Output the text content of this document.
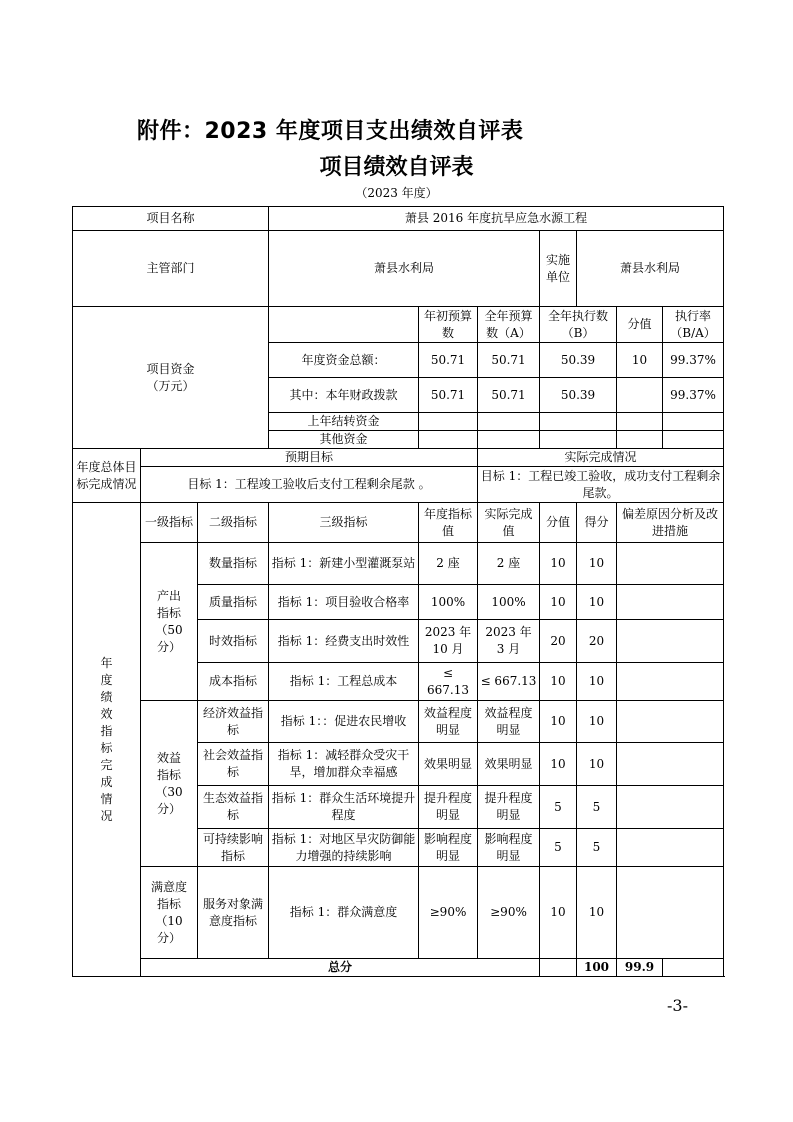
附件：2023 年度项目支出绩效自评表
项目绩效自评表
（2023 年度）
项目名称			萧县 2016 年度抗旱应急水源工程							
主管部门			萧县水利局			实施单位	萧县水利局			

项目资金
（万元）				年初预算数	全年预算数（A）	全年执行数（B）		分值	执行率（B/A）	
			年度资金总额：	50.71	50.71	50.39		10	99.37%	
			其中：本年财政拨款	50.71	50.71	50.39			99.37%	
			上年结转资金							
			其他资金							
年度总体目标完成情况	预期目标				实际完成情况					
	目标 1：工程竣工验收后支付工程剩余尾款 。				目标 1：工程已竣工验收，成功支付工程剩余尾款。					

年度绩效指标完成情况	一级指标	二级指标	三级指标	年度指标值	实际完成值	分值	得分	偏差原因分析及改进措施		

	产出指标（50分）	数量指标	指标 1：新建小型灌溉泵站	2 座	2 座	10	10			
		质量指标	指标 1：项目验收合格率	100%	100%	10	10			
		时效指标	指标 1：经费支出时效性	2023 年 10 月	2023 年 3 月	20	20			
		成本指标	指标 1：工程总成本	≤ 667.13	≤ 667.13	10	10			

	效益指标（30分）	经济效益指标	指标 1：：促进农民增收	效益程度明显	效益程度明显	10	10			
		社会效益指标	指标 1：减轻群众受灾干旱，增加群众幸福感	效果明显	效果明显	10	10			
		生态效益指标	指标 1：群众生活环境提升程度	提升程度明显	提升程度明显	5	5			
		可持续影响指标	指标 1：对地区旱灾防御能力增强的持续影响	影响程度明显	影响程度明显	5	5			

	满意度指标（10分）	服务对象满意度指标	指标 1：群众满意度	≥90%	≥90%	10	10			
	总分						100	99.9		
-3-
